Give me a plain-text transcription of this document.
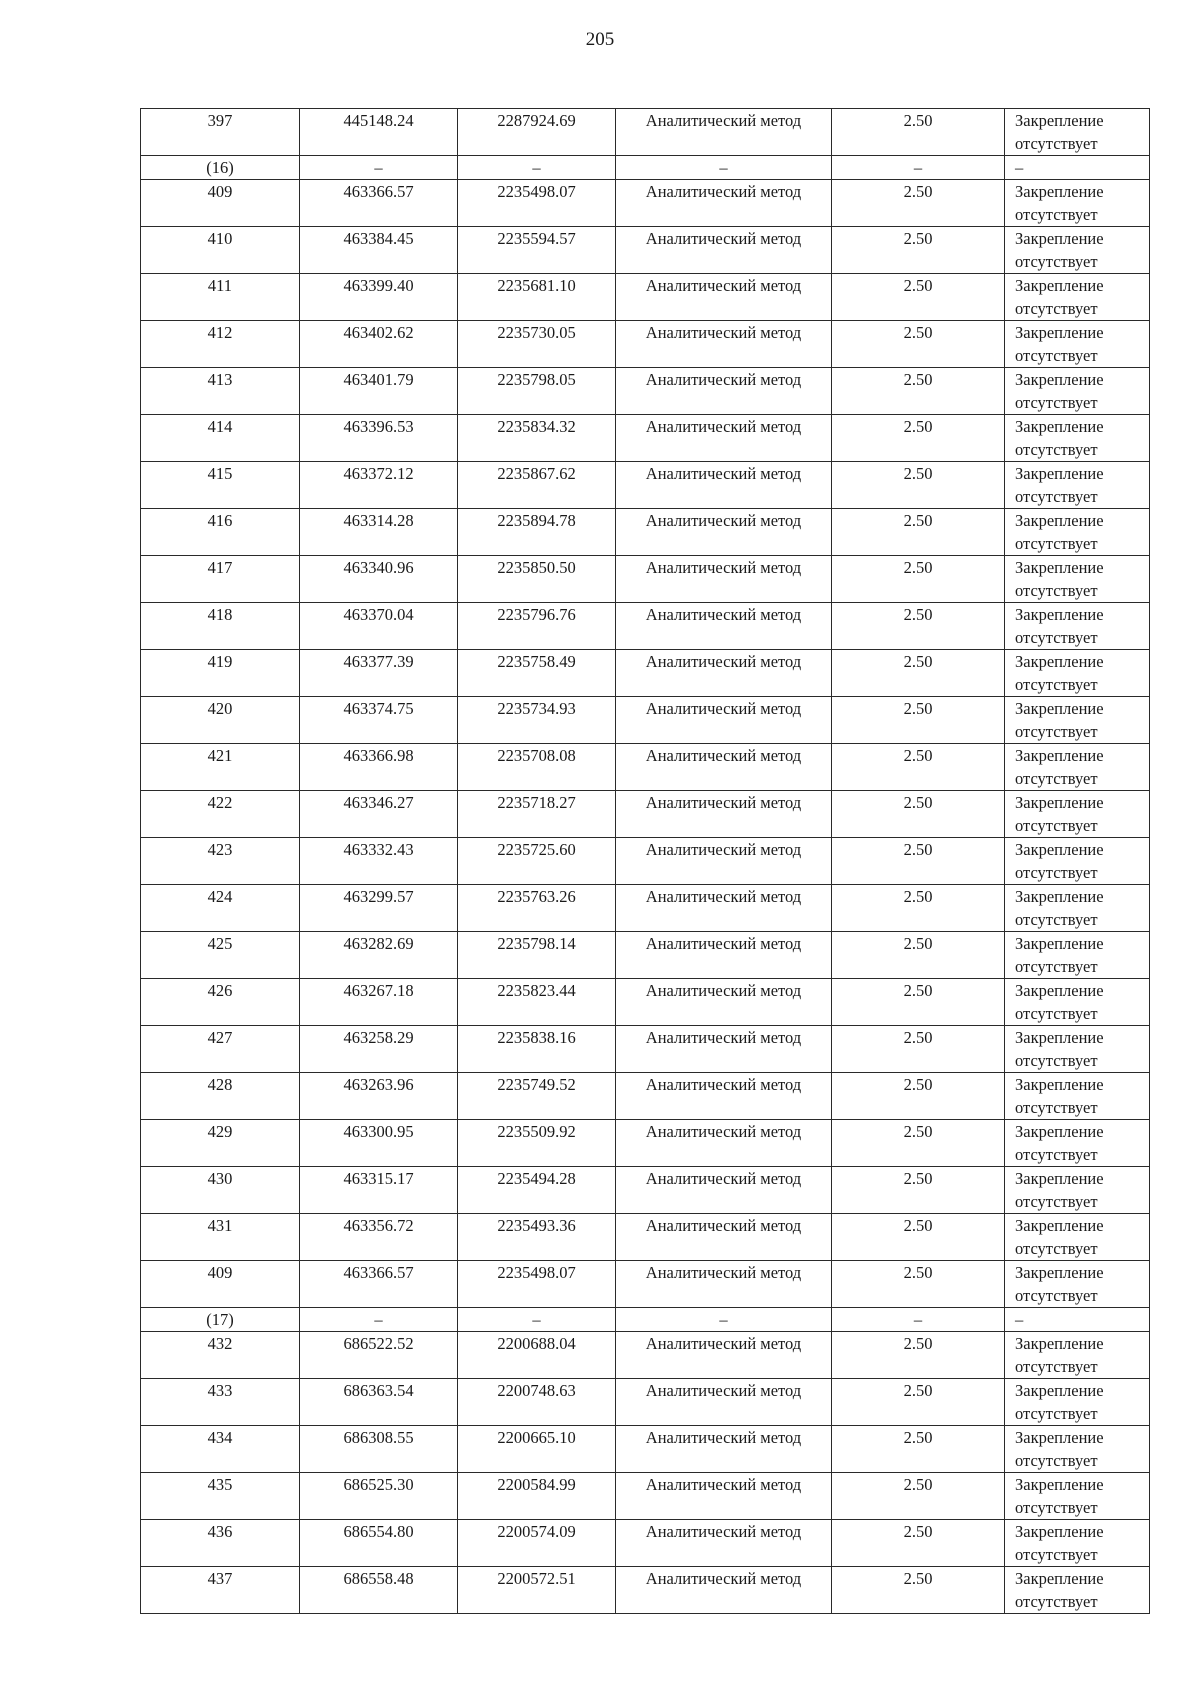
205
397	445148.24	2287924.69	Аналитический метод	2.50	Закрепление отсутствует
(16)	–	–	–	–	–
409	463366.57	2235498.07	Аналитический метод	2.50	Закрепление отсутствует
410	463384.45	2235594.57	Аналитический метод	2.50	Закрепление отсутствует
411	463399.40	2235681.10	Аналитический метод	2.50	Закрепление отсутствует
412	463402.62	2235730.05	Аналитический метод	2.50	Закрепление отсутствует
413	463401.79	2235798.05	Аналитический метод	2.50	Закрепление отсутствует
414	463396.53	2235834.32	Аналитический метод	2.50	Закрепление отсутствует
415	463372.12	2235867.62	Аналитический метод	2.50	Закрепление отсутствует
416	463314.28	2235894.78	Аналитический метод	2.50	Закрепление отсутствует
417	463340.96	2235850.50	Аналитический метод	2.50	Закрепление отсутствует
418	463370.04	2235796.76	Аналитический метод	2.50	Закрепление отсутствует
419	463377.39	2235758.49	Аналитический метод	2.50	Закрепление отсутствует
420	463374.75	2235734.93	Аналитический метод	2.50	Закрепление отсутствует
421	463366.98	2235708.08	Аналитический метод	2.50	Закрепление отсутствует
422	463346.27	2235718.27	Аналитический метод	2.50	Закрепление отсутствует
423	463332.43	2235725.60	Аналитический метод	2.50	Закрепление отсутствует
424	463299.57	2235763.26	Аналитический метод	2.50	Закрепление отсутствует
425	463282.69	2235798.14	Аналитический метод	2.50	Закрепление отсутствует
426	463267.18	2235823.44	Аналитический метод	2.50	Закрепление отсутствует
427	463258.29	2235838.16	Аналитический метод	2.50	Закрепление отсутствует
428	463263.96	2235749.52	Аналитический метод	2.50	Закрепление отсутствует
429	463300.95	2235509.92	Аналитический метод	2.50	Закрепление отсутствует
430	463315.17	2235494.28	Аналитический метод	2.50	Закрепление отсутствует
431	463356.72	2235493.36	Аналитический метод	2.50	Закрепление отсутствует
409	463366.57	2235498.07	Аналитический метод	2.50	Закрепление отсутствует
(17)	–	–	–	–	–
432	686522.52	2200688.04	Аналитический метод	2.50	Закрепление отсутствует
433	686363.54	2200748.63	Аналитический метод	2.50	Закрепление отсутствует
434	686308.55	2200665.10	Аналитический метод	2.50	Закрепление отсутствует
435	686525.30	2200584.99	Аналитический метод	2.50	Закрепление отсутствует
436	686554.80	2200574.09	Аналитический метод	2.50	Закрепление отсутствует
437	686558.48	2200572.51	Аналитический метод	2.50	Закрепление отсутствует
